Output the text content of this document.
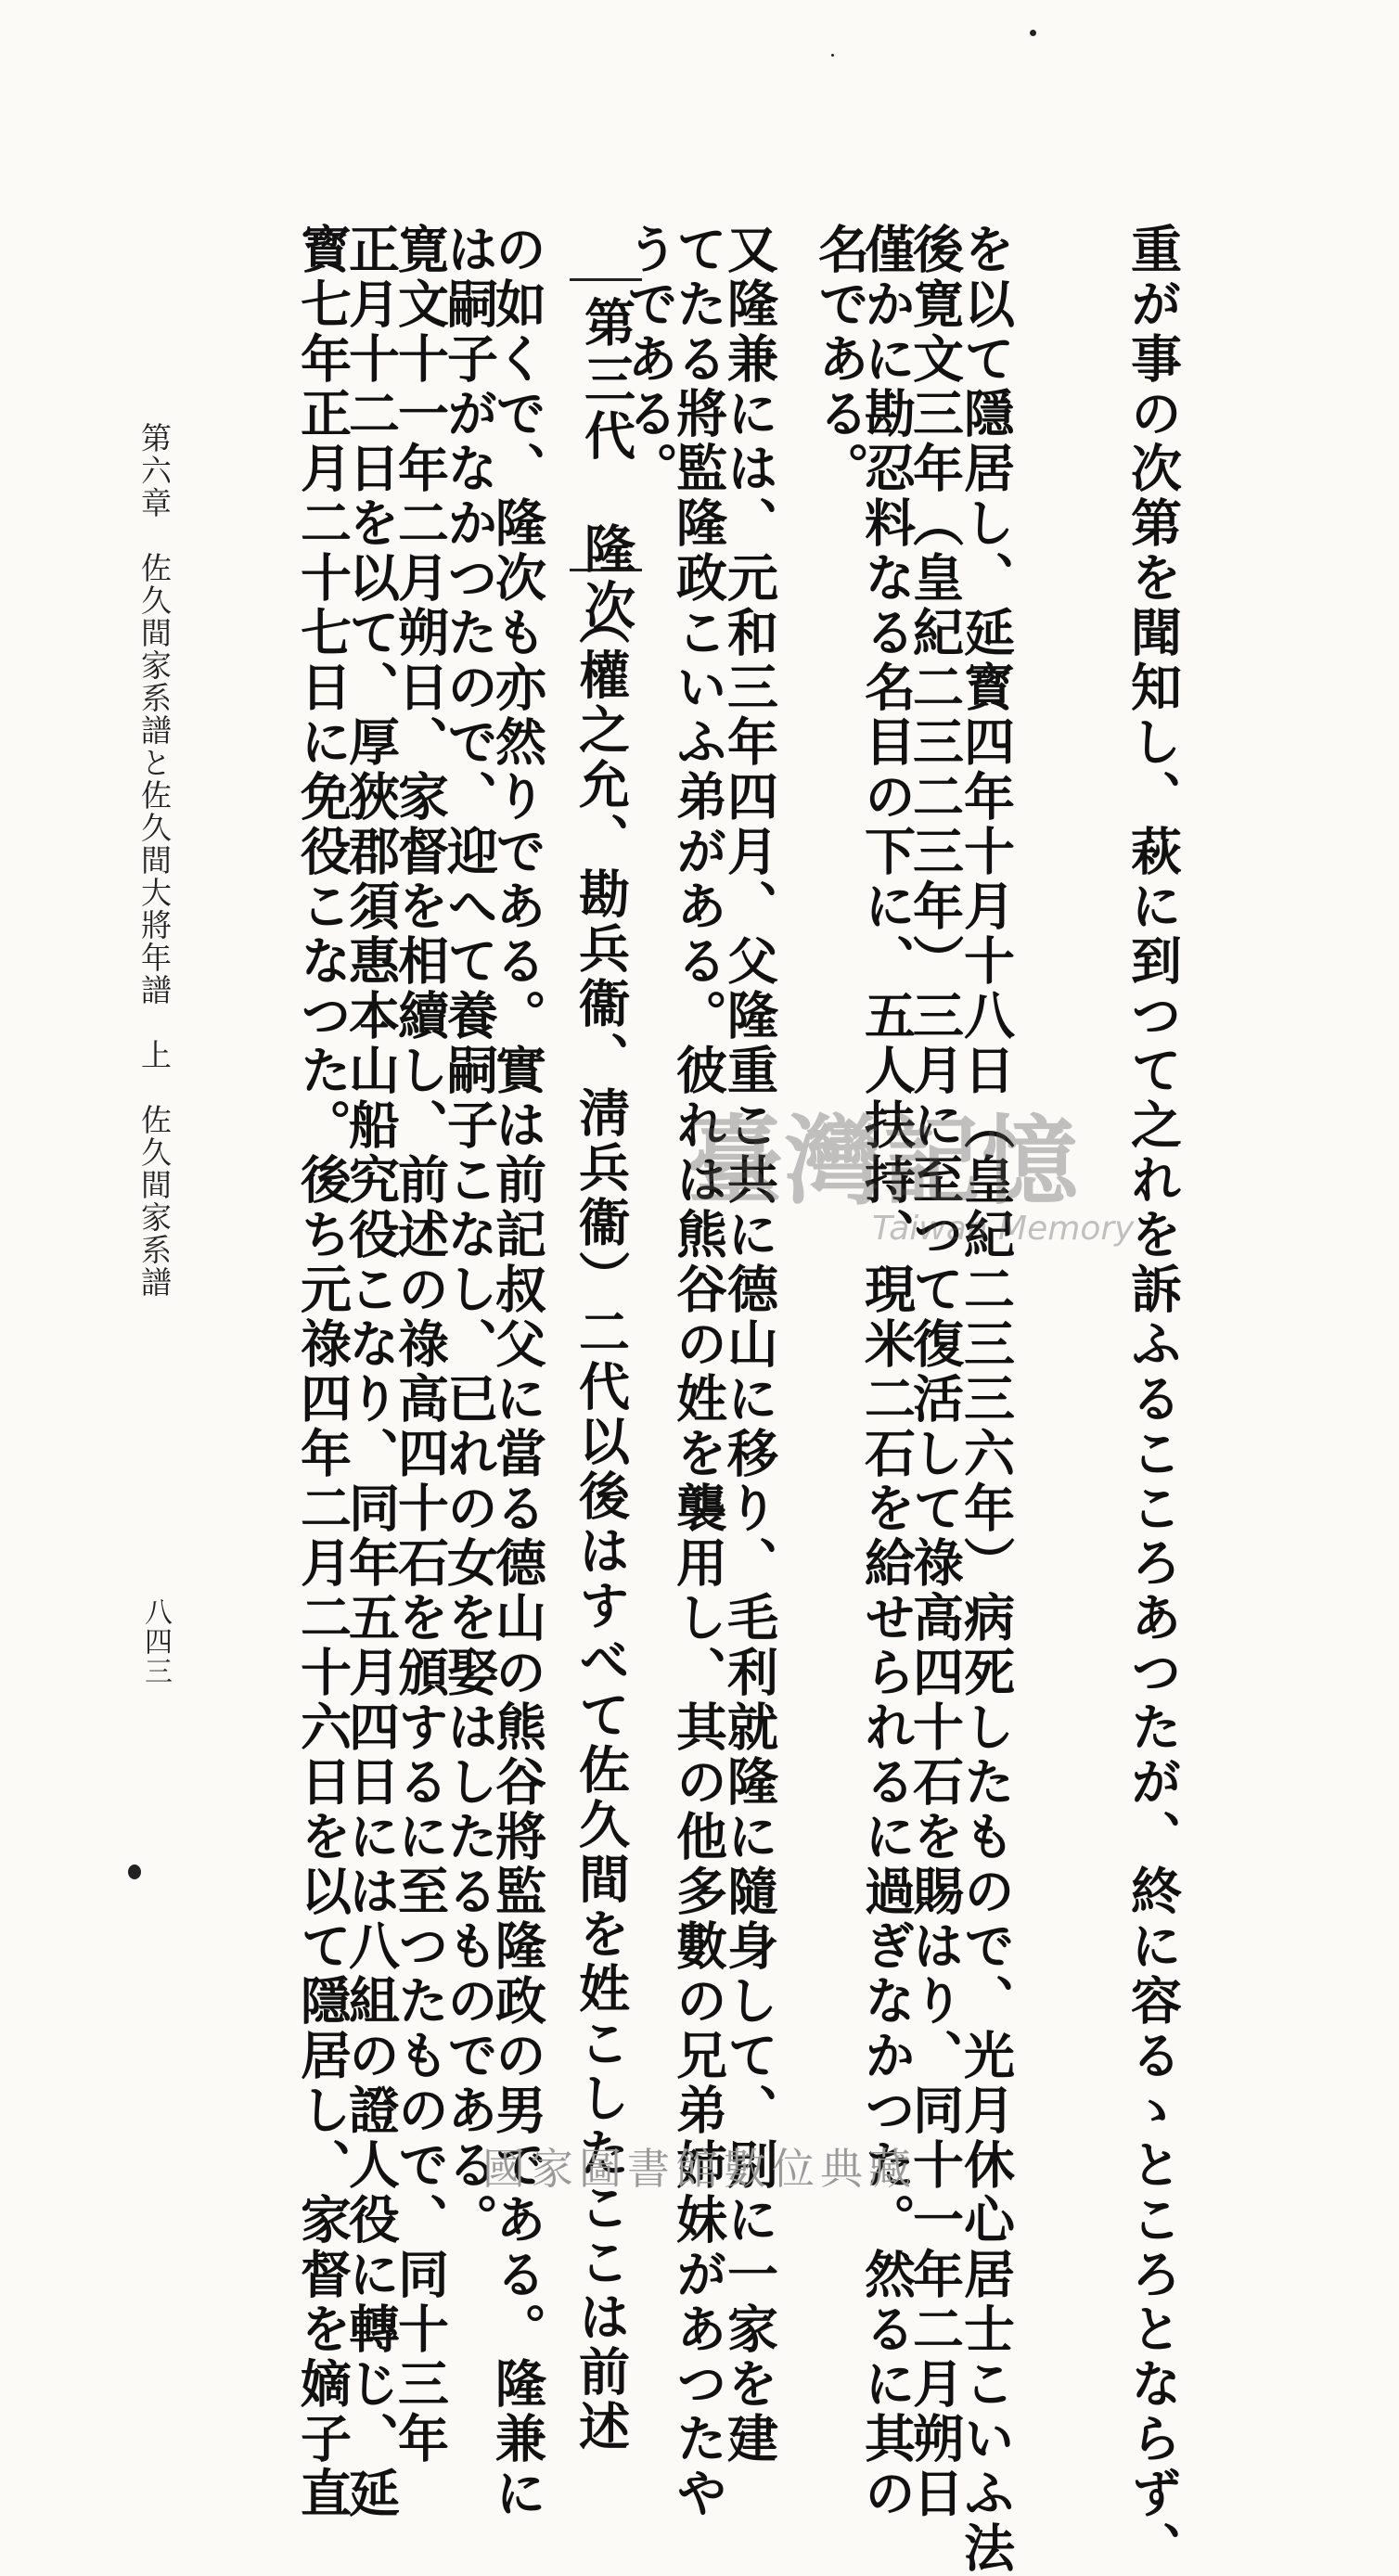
名である。 を以て隱居し、延寳四年十月十八日（皇紀二三三六年）病死したもので、光月休心居士こいふ法
後寛文三年（皇紀二三二三年）三月に至つて復活して祿高四十石を賜はり、同十一年二月朔日
僅かに勘忍料なる名目の下に、五人扶持、現米二石を給せられるに過ぎなかつた。然るに其の	重が事の次第を聞知し、萩に到つて之れを訴ふるこころあつたが、終に容るゝところとならず、
又隆兼には、元和三年四月、父隆重こ共に德山に移り、毛利就隆に隨身して、別に一家を建
てたる將監隆政こいふ弟がある。彼れは熊谷の姓を襲用し、其の他多數の兄弟姉妹があつたや
うである。
第三代　隆次
（權之允、勘兵衞、淸兵衞）二代以後はすべて佐久間を姓こしたここは前述
の如くで、隆次も亦然りである。實は前記叔父に當る德山の熊谷將監隆政の男である。隆兼に
は嗣子がなかつたので、迎へて養嗣子こなし、已れの女を娶はしたるものである。
寛文十一年二月朔日、家督を相續し、前述の祿高四十石を頒するに至つたもので、同十三年
正月十二日を以て、厚狹郡須惠本山船究役こなり、同年五月四日には八組の證人役に轉じ、延
寳七年正月二十七日に免役こなつた。後ち元祿四年二月二十六日を以て隱居し、家督を嫡子直
第六章　佐久間家系譜と佐久間大將年譜　上　佐久間家系譜
八四三
臺灣記憶
Taiwan Memory
國家圖書館數位典藏
